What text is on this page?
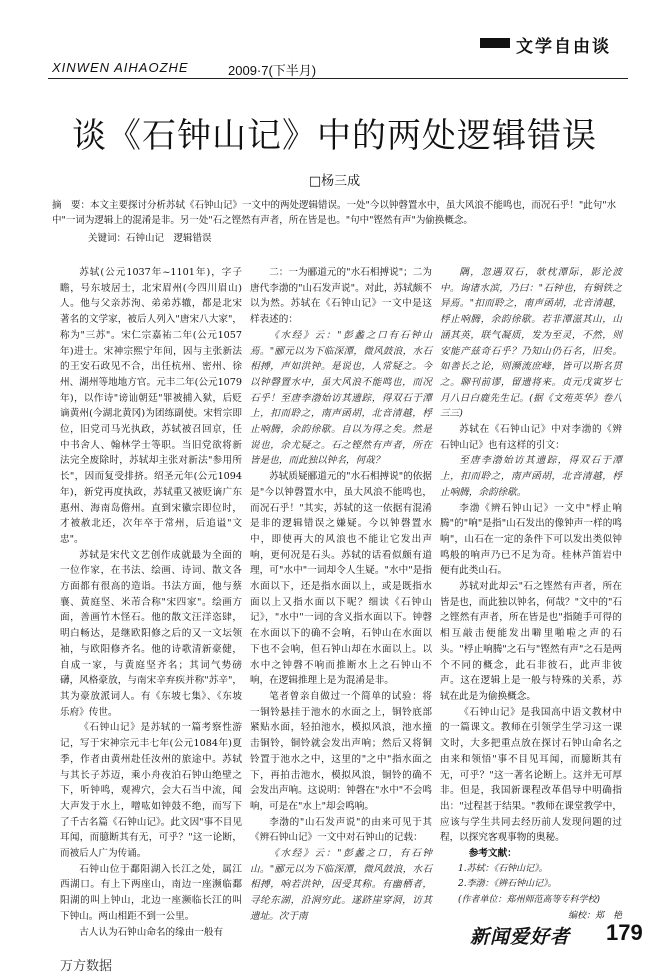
文学自由谈
XINWEN AIHAOZHE	2009·7(下半月)
谈《石钟山记》中的两处逻辑错误
□杨三成
摘　要：本文主要探讨分析苏轼《石钟山记》一文中的两处逻辑错误。一处"今以钟磬置水中，虽大风浪不能鸣也，而况石乎！"此句"水中"一词为逻辑上的混淆是非。另一处"石之铿然有声者，所在皆是也。"句中"铿然有声"为偷换概念。
关键词：石钟山记　逻辑错误

苏轼(公元1037年~1101年)，字子瞻，号东坡居士，北宋眉州(今四川眉山)人。他与父亲苏洵、弟弟苏辙，都是北宋著名的文学家，被后人列入"唐宋八大家"，称为"三苏"。宋仁宗嘉祐二年(公元1057年)进士。宋神宗熙宁年间，因与主张新法的王安石政见不合，出任杭州、密州、徐州、湖州等地地方官。元丰二年(公元1079年)，以作诗"谤讪朝廷"罪被捕入狱，后贬谪黄州(今湖北黄冈)为团练副使。宋哲宗即位，旧党司马光执政，苏轼被召回京，任中书舍人、翰林学士等职。当旧党欲将新法完全废除时，苏轼却主张对新法"参用所长"，因而复受排挤。绍圣元年(公元1094年)，新党再度执政，苏轼重又被贬谪广东惠州、海南岛儋州。直到宋徽宗即位时，才被赦北还，次年卒于常州，后追谥"文忠"。

苏轼是宋代文艺创作成就最为全面的一位作家，在书法、绘画、诗词、散文各方面都有很高的造诣。书法方面，他与蔡襄、黄庭坚、米芾合称"宋四家"。绘画方面，善画竹木怪石。他的散文汪洋恣肆，明白畅达，是继欧阳修之后的又一文坛领袖，与欧阳修齐名。他的诗歌清新豪健，自成一家，与黄庭坚齐名；其词气势磅礴，风格豪放，与南宋辛弃疾并称"苏辛"，其为豪放派词人。有《东坡七集》、《东坡乐府》传世。

《石钟山记》是苏轼的一篇考察性游记，写于宋神宗元丰七年(公元1084年)夏季，作者由黄州赴任汝州的旅途中。苏轼与其长子苏迈，乘小舟夜泊石钟山绝壁之下，听钟鸣，观裨穴，会大石当中流，闻大声发于水上，噌吰如钟鼓不绝，而写下了千古名篇《石钟山记》。此文因"事不目见耳闻，而臆断其有无，可乎？"这一论断，而被后人广为传诵。

石钟山位于鄱阳湖入长江之处，属江西湖口。有上下两座山，南边一座濒临鄱阳湖的叫上钟山，北边一座濒临长江的叫下钟山。两山相距不到一公里。

古人认为石钟山命名的缘由一般有

二：一为郦道元的"水石相搏说"；二为唐代李渤的"山石发声说"。对此，苏轼颇不以为然。苏轼在《石钟山记》一文中是这样表述的：

《水经》云："彭蠡之口有石钟山焉。"郦元以为下临深潭，微风鼓浪，水石相搏，声如洪钟。是说也，人常疑之。今以钟磬置水中，虽大风浪不能鸣也，而况石乎！至唐李渤始访其遗踪，得双石于潭上，扣而聆之，南声函胡，北音清越，桴止响腾，余韵徐歇。自以为得之矣。然是说也，余尤疑之。石之铿然有声者，所在皆是也，而此独以钟名，何哉？

苏轼质疑郦道元的"水石相搏说"的依据是"今以钟磬置水中，虽大风浪不能鸣也，而况石乎！"其实，苏轼的这一依据有混淆是非的逻辑错误之嫌疑。今以钟磬置水中，即使再大的风浪也不能让它发出声响，更何况是石头。苏轼的话看似颇有道理，可"水中"一词却令人生疑。"水中"是指水面以下，还是指水面以上，或是既指水面以上又指水面以下呢？细读《石钟山记》，"水中"一词的含义指水面以下。钟磬在水面以下的确不会响，石钟山在水面以下也不会响，但石钟山却在水面以上。以水中之钟磬不响而推断水上之石钟山不响，在逻辑推理上是为混淆是非。

笔者曾亲自做过一个简单的试验：将一铜铃悬挂于池水的水面之上，铜铃底部紧贴水面，轻拍池水，模拟风浪，池水撞击铜铃，铜铃就会发出声响；然后又将铜铃置于池水之中，这里的"之中"指水面之下，再拍击池水，模拟风浪，铜铃的确不会发出声响。这说明：钟磬在"水中"不会鸣响，可是在"水上"却会鸣响。

李渤的"山石发声说"的由来可见于其《辨石钟山记》一文中对石钟山的记载：

《水经》云："彭蠡之口，有石钟山。"郦元以为下临深潭，微风鼓浪，水石相搏，响若洪钟，因受其称。有幽栖者，寻纶东湖，沿涧穷此。遂跻崖穿洞，访其遗址。次于南

隅，忽遇双石，欹枕潭际，影沦波中。询诸水滨，乃曰："石钟也，有铜铁之异焉。"扣而聆之，南声函胡，北音清越，桴止响腾，余韵徐歇。若非潭滋其山，山涵其英，联气凝质，发为至灵，不然，则安能产兹奇石乎？乃知山仍石名，旧矣。如善长之论，则濒流庶峰，皆可以斯名贯之。聊刊前谬，留遗将来。贞元戊寅岁七月八日白鹿先生记。(据《文苑英华》卷八三三)

苏轼在《石钟山记》中对李渤的《辨石钟山记》也有这样的引文：

至唐李渤始访其遗踪，得双石于潭上，扣而聆之，南声函胡，北音清越，桴止响腾，余韵徐歇。

李渤《辨石钟山记》一文中"桴止响腾"的"响"是指"山石发出的像钟声一样的鸣响"，山石在一定的条件下可以发出类似钟鸣般的响声乃已不足为奇。桂林芦笛岩中便有此类山石。

苏轼对此却云"石之铿然有声者，所在皆是也，而此独以钟名，何哉？"文中的"石之铿然有声者，所在皆是也"指随手可得的相互敲击便能发出噼里啪啦之声的石头。"桴止响腾"之石与"铿然有声"之石是两个不同的概念，此石非彼石，此声非彼声。这在逻辑上是一般与特殊的关系，苏轼在此是为偷换概念。

《石钟山记》是我国高中语文教材中的一篇课文。教师在引领学生学习这一课文时，大多把重点放在探讨石钟山命名之由来和领悟"事不目见耳闻，而臆断其有无，可乎？"这一著名论断上。这并无可厚非。但是，我国新课程改革倡导中明确指出："过程甚于结果。"教师在课堂教学中，应该与学生共同去经历前人发现问题的过程，以探究客观事物的奥秘。

参考文献：

1.苏轼：《石钟山记》。

2.李渤：《辨石钟山记》。

(作者单位：郑州师范高等专科学校)

编校：郑　艳

新闻爱好者 179
万方数据
